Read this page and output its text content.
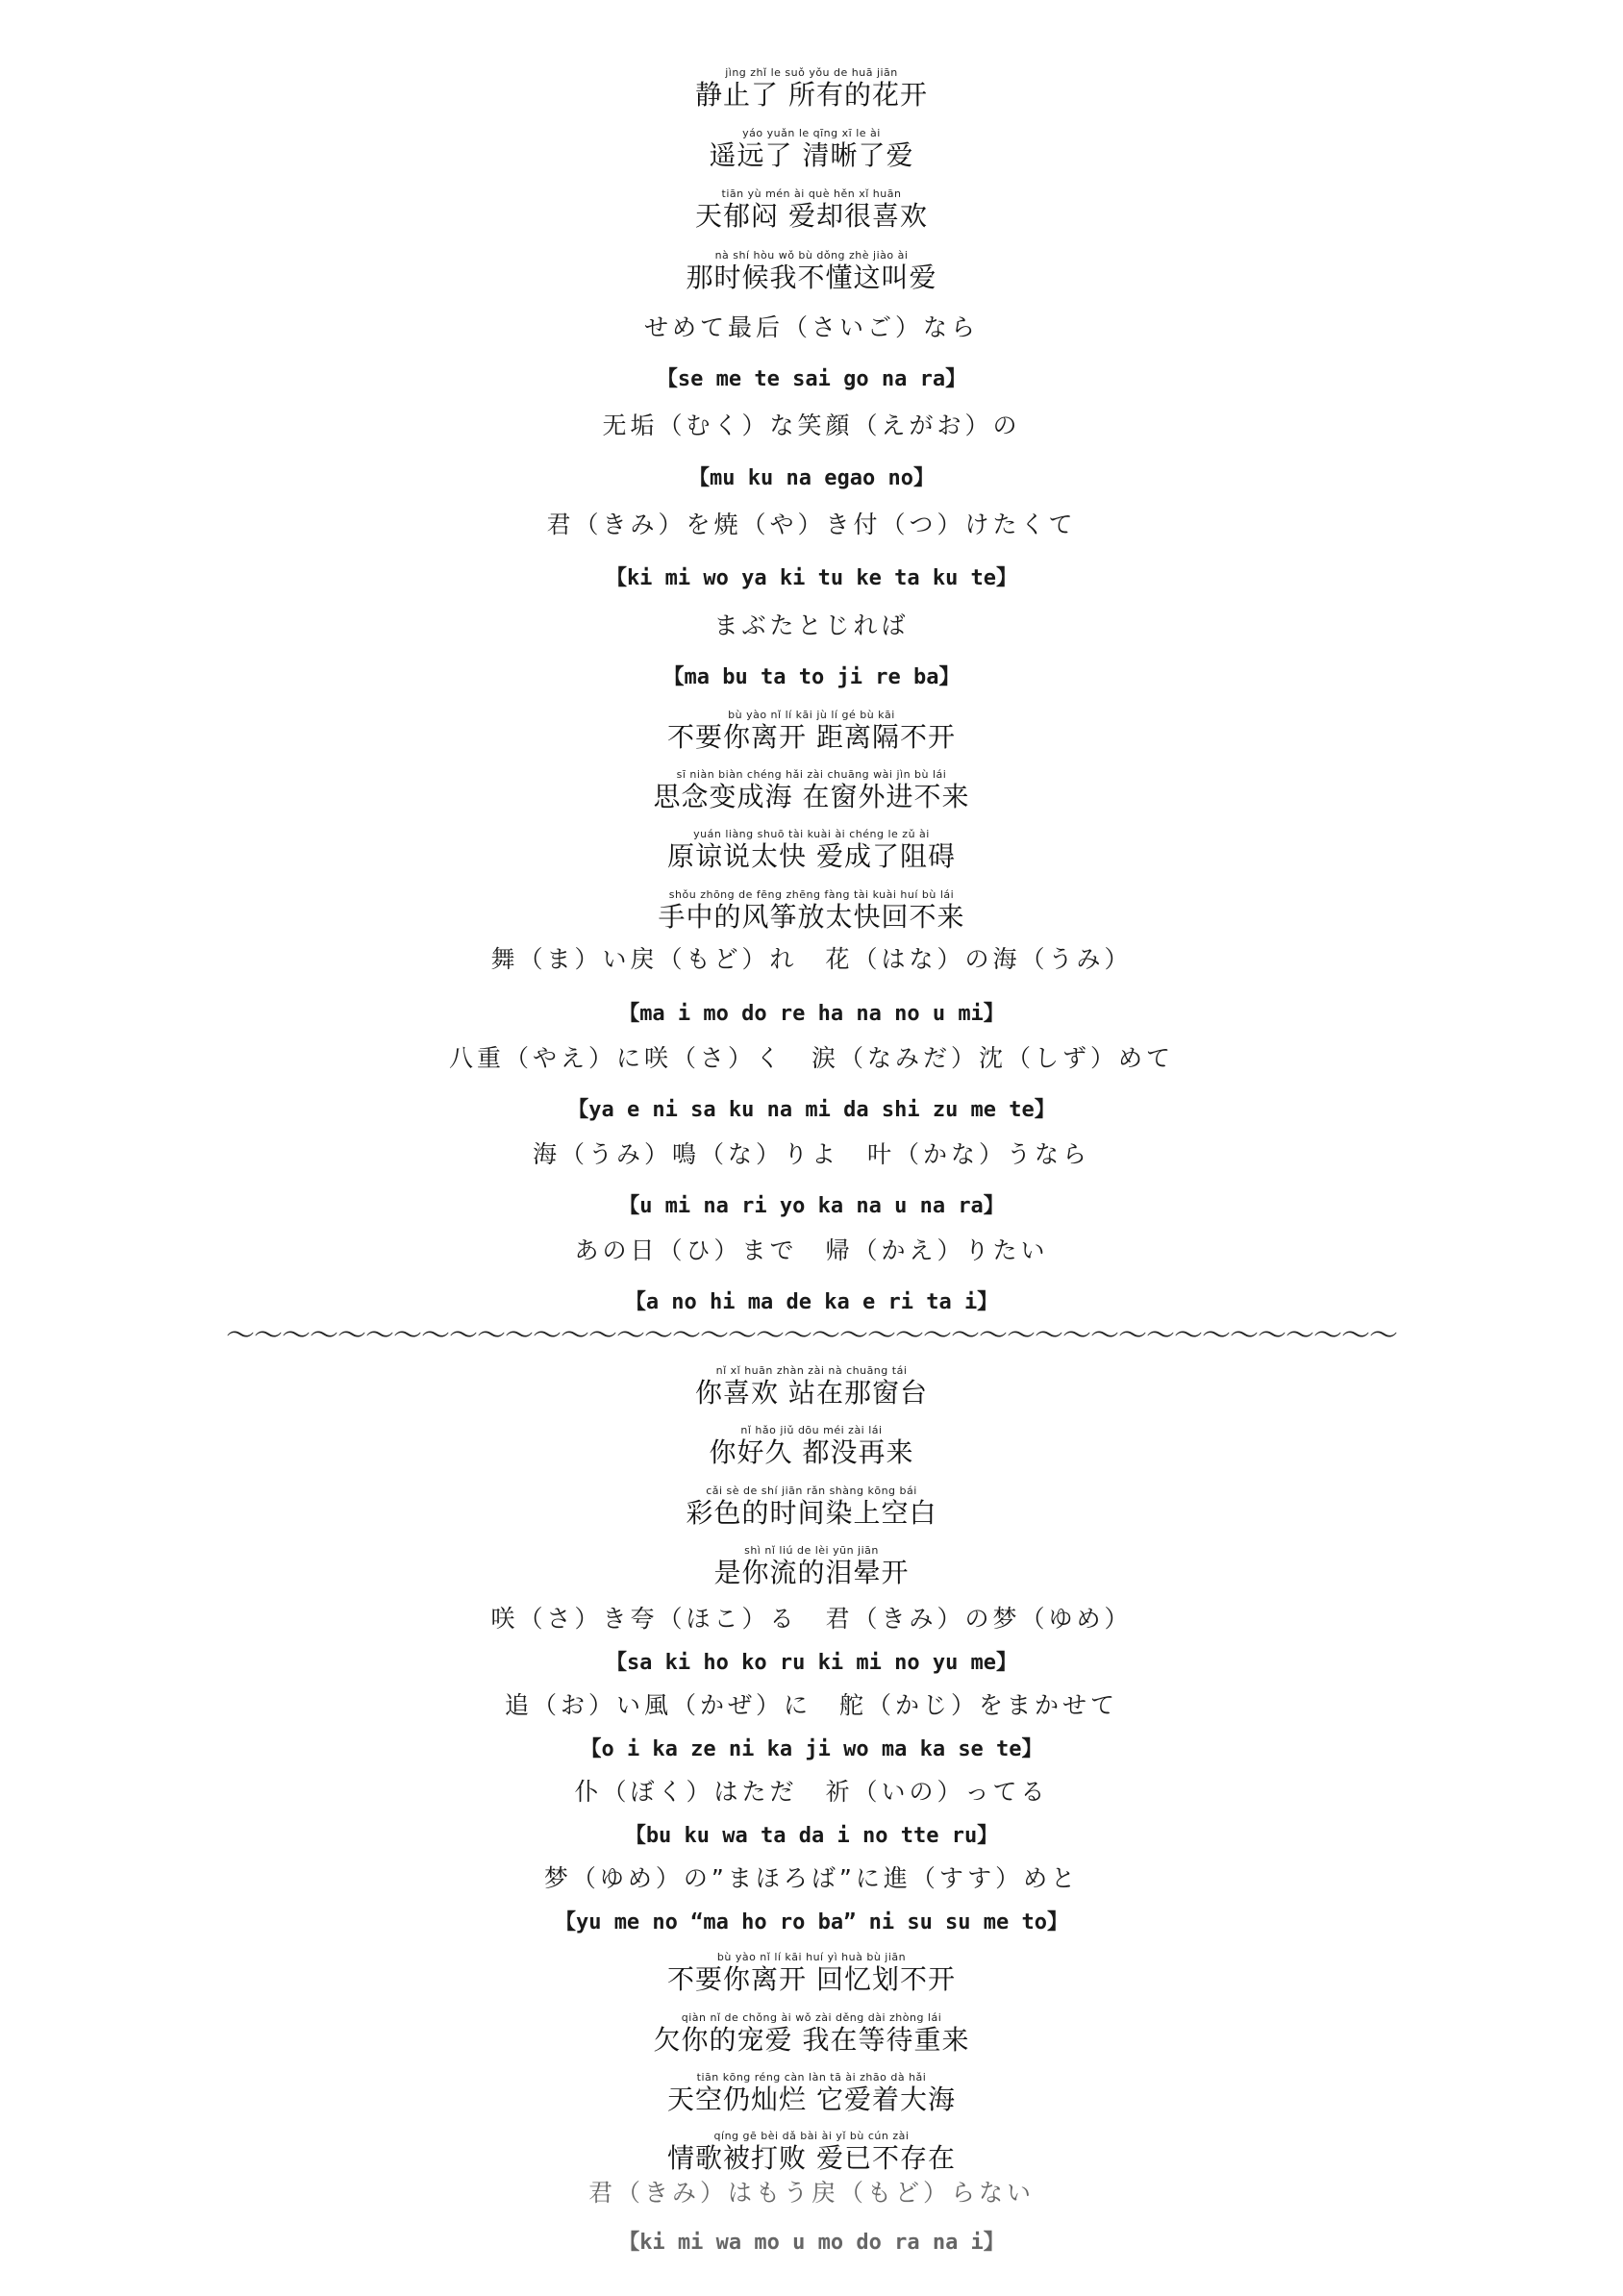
jìng zhǐ le suǒ yǒu de huā jiān
静止了 所有的花开
yáo yuǎn le qīng xī le ài
遥远了 清晰了爱
tiān yù mén ài què hěn xǐ huān
天郁闷 爱却很喜欢
nà shí hòu wǒ bù dǒng zhè jiào ài
那时候我不懂这叫爱
せめて最后（さいご）なら
【se me te sai go na ra】
无垢（むく）な笑顔（えがお）の
【mu ku na egao no】
君（きみ）を焼（や）き付（つ）けたくて
【ki mi wo ya ki tu ke ta ku te】
まぶたとじれば
【ma bu ta to ji re ba】
bù yào nǐ lí kāi jù lí gé bù kāi
不要你离开 距离隔不开
sī niàn biàn chéng hǎi zài chuāng wài jìn bù lái
思念变成海 在窗外进不来
yuán liàng shuō tài kuài ài chéng le zǔ ài
原谅说太快 爱成了阻碍
shǒu zhōng de fēng zhēng fàng tài kuài huí bù lái
手中的风筝放太快回不来
舞（ま）い戻（もど）れ　花（はな）の海（うみ）
【ma i mo do re ha na no u mi】
八重（やえ）に咲（さ）く　涙（なみだ）沈（しず）めて
【ya e ni sa ku na mi da shi zu me te】
海（うみ）鳴（な）りよ　叶（かな）うなら
【u mi na ri yo ka na u na ra】
あの日（ひ）まで　帰（かえ）りたい
【a no hi ma de ka e ri ta i】
～～～～～～～～～～～～～～～～～～～～～～～～～～～～～～～～～～～～～～～～～～
nǐ xǐ huān zhàn zài nà chuāng tái
你喜欢 站在那窗台
nǐ hǎo jiǔ dōu méi zài lái
你好久 都没再来
cǎi sè de shí jiān rǎn shàng kōng bái
彩色的时间染上空白
shì nǐ liú de lèi yūn jiān
是你流的泪晕开
咲（さ）き夸（ほこ）る　君（きみ）の梦（ゆめ）
【sa ki ho ko ru ki mi no yu me】
追（お）い風（かぜ）に　舵（かじ）をまかせて
【o i ka ze ni ka ji wo ma ka se te】
仆（ぼく）はただ　祈（いの）ってる
【bu ku wa ta da i no tte ru】
梦（ゆめ）の”まほろば”に進（すす）めと
【yu me no “ma ho ro ba” ni su su me to】
bù yào nǐ lí kāi huí yì huà bù jiān
不要你离开 回忆划不开
qiàn nǐ de chǒng ài wǒ zài děng dài zhòng lái
欠你的宠爱 我在等待重来
tiān kōng réng càn làn tā ài zhāo dà hǎi
天空仍灿烂 它爱着大海
qíng gē bèi dǎ bài ài yǐ bù cún zài
情歌被打败 爱已不存在
君（きみ）はもう戻（もど）らない
【ki mi wa mo u mo do ra na i】
